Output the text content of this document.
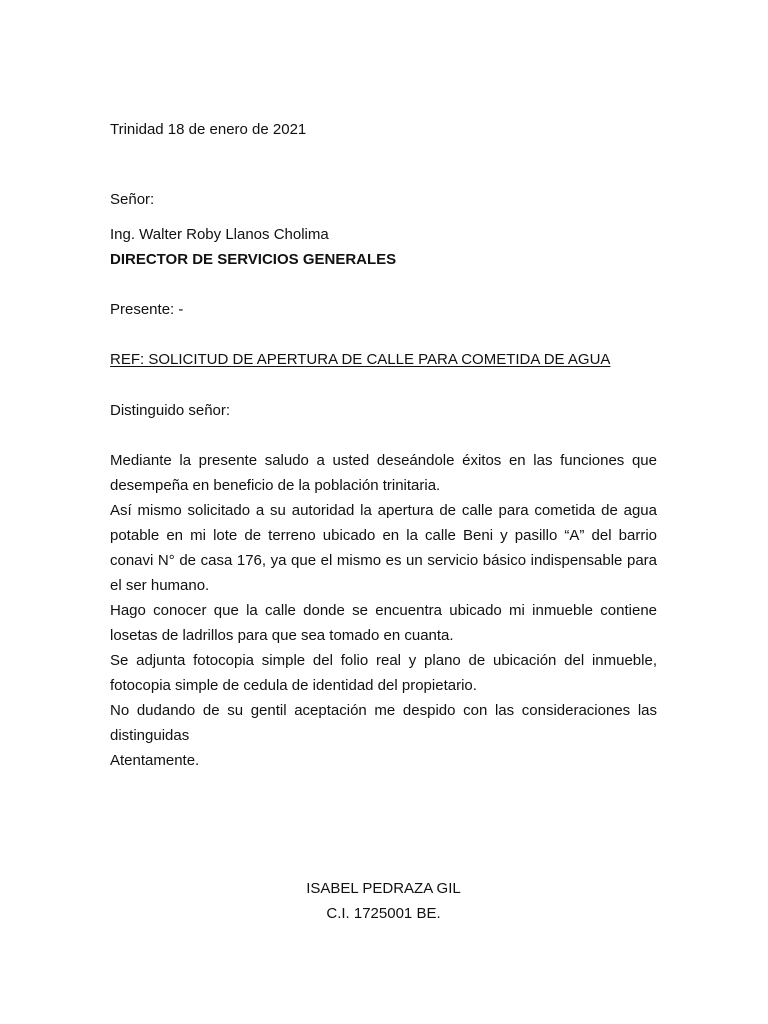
Trinidad 18 de enero de 2021
Señor:
Ing. Walter Roby Llanos Cholima
DIRECTOR DE SERVICIOS GENERALES
Presente: -
REF: SOLICITUD DE APERTURA DE CALLE PARA COMETIDA DE AGUA
Distinguido señor:

Mediante la presente saludo a usted deseándole éxitos en las funciones que desempeña en beneficio de la población trinitaria.

Así mismo solicitado a su autoridad la apertura de calle para cometida de agua potable en mi lote de terreno ubicado en la calle Beni y pasillo “A” del barrio conavi N° de casa 176, ya que el mismo es un servicio básico indispensable para el ser humano.

Hago conocer que la calle donde se encuentra ubicado mi inmueble contiene losetas de ladrillos para que sea tomado en cuanta.

Se adjunta fotocopia simple del folio real y plano de ubicación del inmueble, fotocopia simple de cedula de identidad del propietario.

No dudando de su gentil aceptación me despido con las consideraciones las distinguidas

Atentamente.

ISABEL PEDRAZA GIL
C.I. 1725001 BE.
